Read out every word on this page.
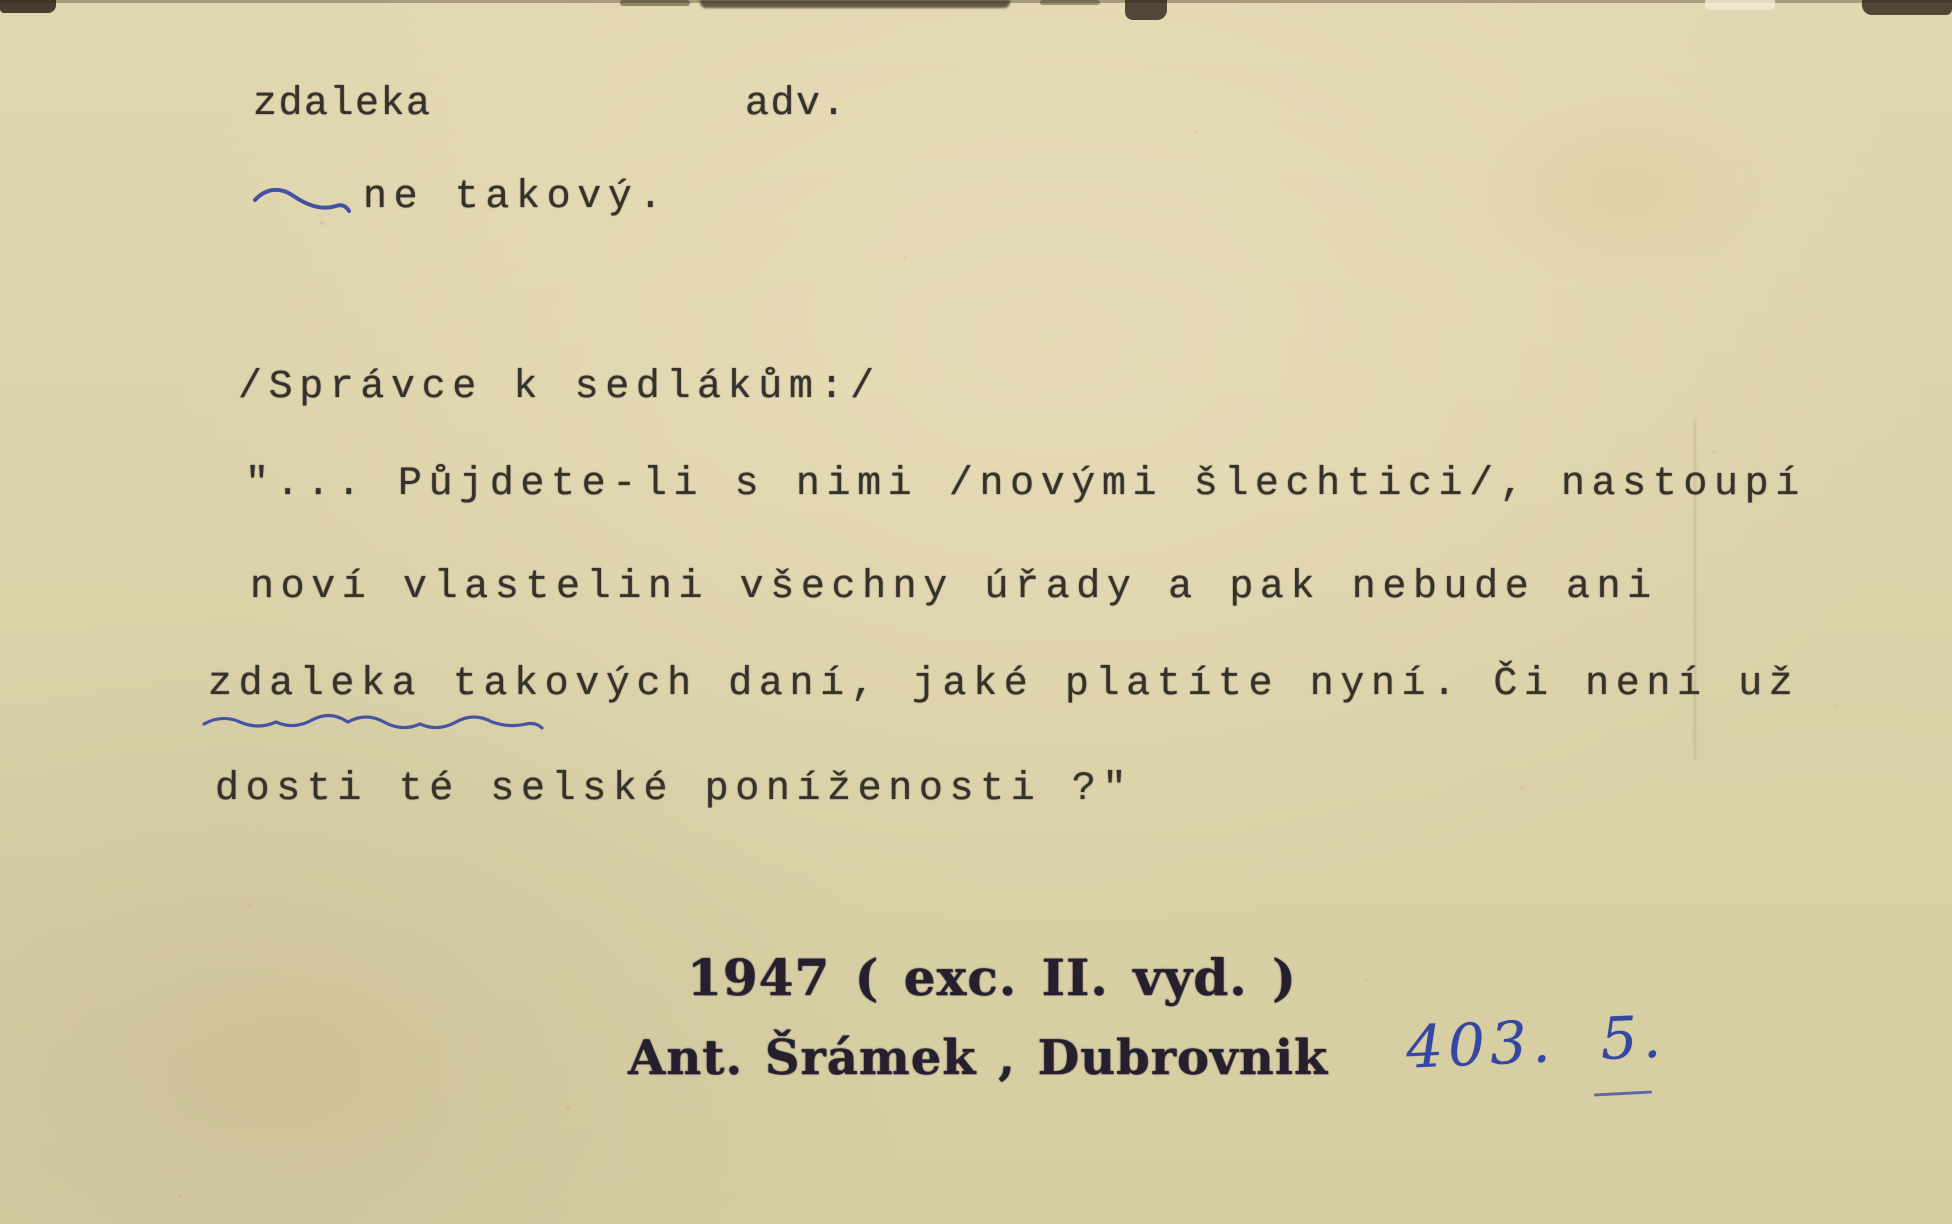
zdaleka	adv.
ne takový.
/Správce k sedlákům:/
"... Půjdete-li s nimi /novými šlechtici/, nastoupí
noví vlastelini všechny úřady a pak nebude ani
zdaleka takových daní, jaké platíte nyní. Či není už
dosti té selské poníženosti ?"
1947 ( exc. II. vyd. )
Ant. Šrámek , Dubrovnik 403. 5.
